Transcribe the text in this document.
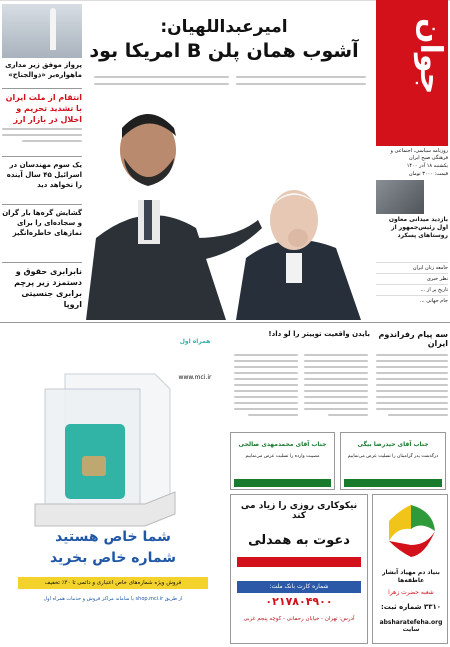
جوان
روزنامه سیاسی، اجتماعی و فرهنگی صبح ایران
یکشنبه ۱۸ آذر ۱۴۰۰
قیمت: ۳۰۰۰ تومان
بازدید میدانی معاون اول رئیس‌جمهور از روستاهای پسکرد
جامعه زنان ایران
نظر خبری
تاریخ پر از ...
جام جهانی ...
امیرعبداللهیان:
آشوب همان پلن B امریکا بود
پرواز موفق زیر مداری
ماهواره‌بر «ذوالجناح»
انتقام از ملت ایران با تشدید تحریم و اخلال در بازار ارز
یک سوم مهندسان در اسرائیل ۴۵ سال آینده را نخواهد دید
گشایش گره‌ها بار گران و سجاده‌ای را برای نمازهای خاطره‌انگیز
نابرابری حقوق و دستمزد زیر پرچم برابری جنسیتی اروپا
همراه اول
www.mci.ir
شما خاص هستید
شماره خاص بخرید
فروش ویژه شماره‌های خاص اعتباری و دائمی تا ۴۰٪ تخفیف
از طریق shop.mci.ir یا سامانه مراکز فروش و خدمات همراه اول
بایدن واقعیت توییتر را لو داد!	سه پیام رفراندوم ایران
جناب آقای محمدمهدی صالحی
مصیبت وارده را تسلیت عرض می‌نماییم
جناب آقای حیدرضا بیگی
درگذشت پدر گرامیتان را تسلیت عرض می‌نماییم
نیکوکاری روزی را زیاد می کند
دعوت به همدلی
شماره کارت بانک ملت:
۰۲۱۷۸۰۴۹۰۰
آدرس: تهران - خیابان رحمانی - کوچه پنجم غربی
بنیاد دم مهیاد آبشار عاطفه‌ها
شعبه حضرت زهرا
۳۳۱۰ شماره ثبت:
absharatefeha.org سایت
